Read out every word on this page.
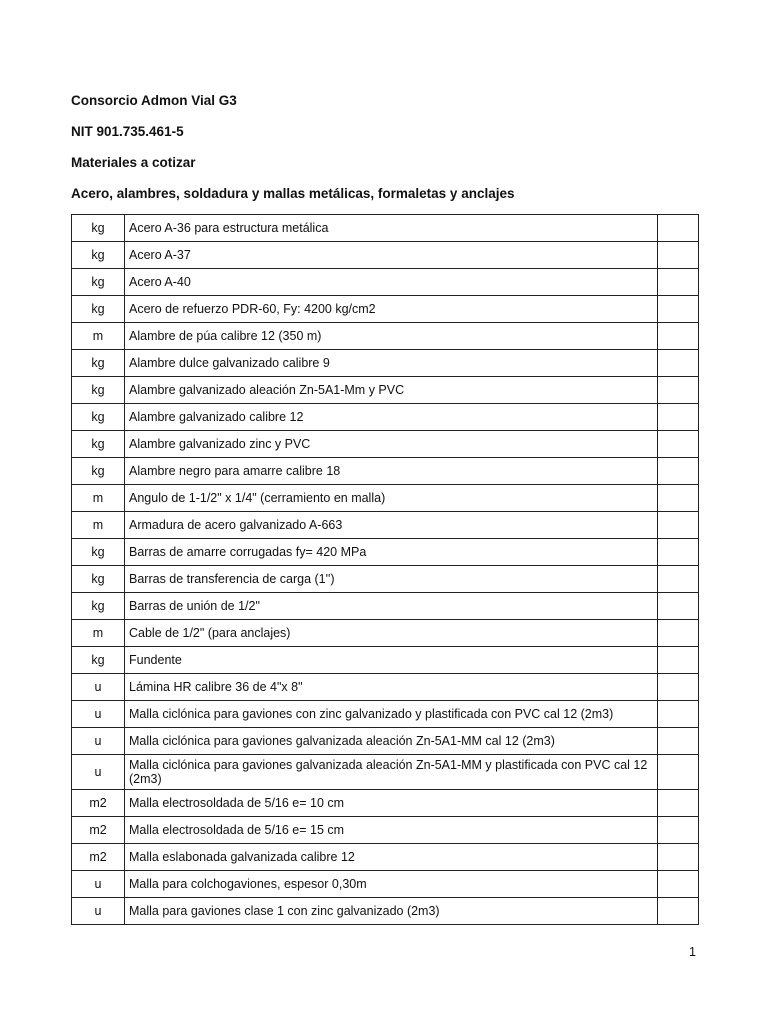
Consorcio Admon Vial G3
NIT 901.735.461-5
Materiales a cotizar
Acero, alambres, soldadura y mallas metálicas, formaletas y anclajes
kg	Acero A-36 para estructura metálica	
kg	Acero A-37	
kg	Acero A-40	
kg	Acero de refuerzo PDR-60, Fy: 4200 kg/cm2	
m	Alambre de púa calibre 12 (350 m)	
kg	Alambre dulce galvanizado calibre 9	
kg	Alambre galvanizado aleación Zn-5A1-Mm y PVC	
kg	Alambre galvanizado calibre 12	
kg	Alambre galvanizado zinc y PVC	
kg	Alambre negro para amarre calibre 18	
m	Angulo de 1-1/2" x 1/4" (cerramiento en malla)	
m	Armadura de acero galvanizado A-663	
kg	Barras de amarre corrugadas fy= 420 MPa	
kg	Barras de transferencia de carga (1'')	
kg	Barras de unión de 1/2"	
m	Cable de 1/2" (para anclajes)	
kg	Fundente	
u	Lámina HR calibre 36 de 4"x 8"	
u	Malla ciclónica para gaviones con zinc galvanizado y plastificada con PVC cal 12 (2m3)	
u	Malla ciclónica para gaviones galvanizada aleación Zn-5A1-MM cal 12 (2m3)	
u	Malla ciclónica para gaviones galvanizada aleación Zn-5A1-MM y plastificada con PVC cal 12 (2m3)	
m2	Malla electrosoldada de 5/16 e= 10 cm	
m2	Malla electrosoldada de 5/16 e= 15 cm	
m2	Malla eslabonada galvanizada calibre 12	
u	Malla para colchogaviones, espesor 0,30m	
u	Malla para gaviones clase 1 con zinc galvanizado (2m3)	
1
